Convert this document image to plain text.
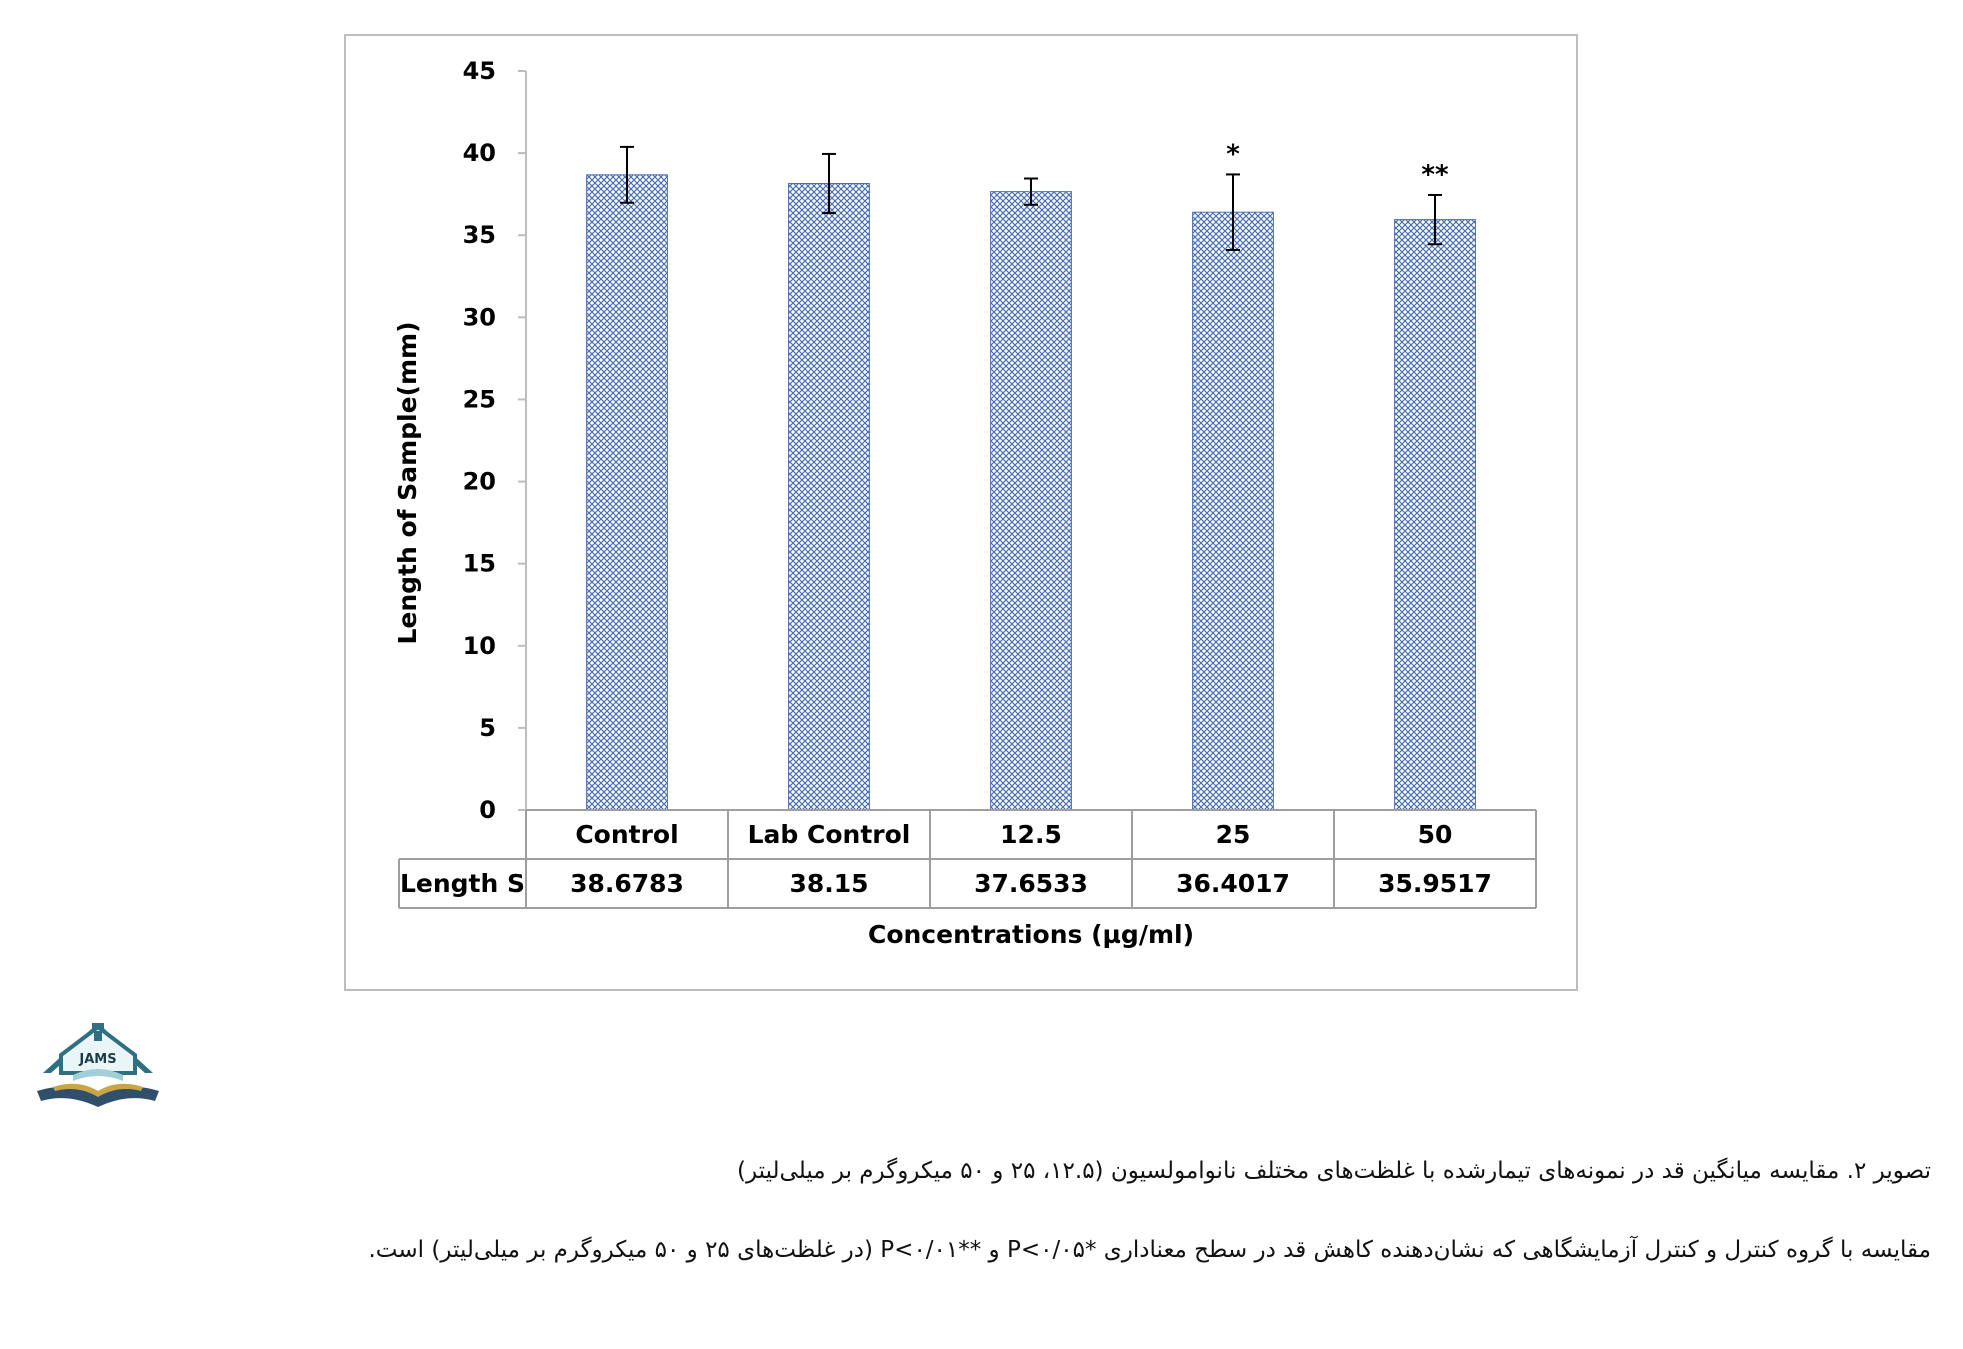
0
5
10
15
20
25
30
35
40
45
*
**
Length S
Control
38.6783
Lab Control
38.15
12.5
37.6533
25
36.4017
50
35.9517
Length of Sample(mm)
Concentrations (µg/ml)
JAMS
تصویر ۲. مقایسه میانگین قد در نمونه‌های تیمارشده با غلظت‌های مختلف نانوامولسیون (۱۲.۵، ۲۵ و ۵۰ میکروگرم بر میلی‌لیتر)
مقایسه با گروه کنترل و کنترل آزمایشگاهی که نشان‌دهنده کاهش قد در سطح معناداری *P<۰/۰۵ و **P<۰/۰۱ (در غلظت‌های ۲۵ و ۵۰ میکروگرم بر میلی‌لیتر) است.
